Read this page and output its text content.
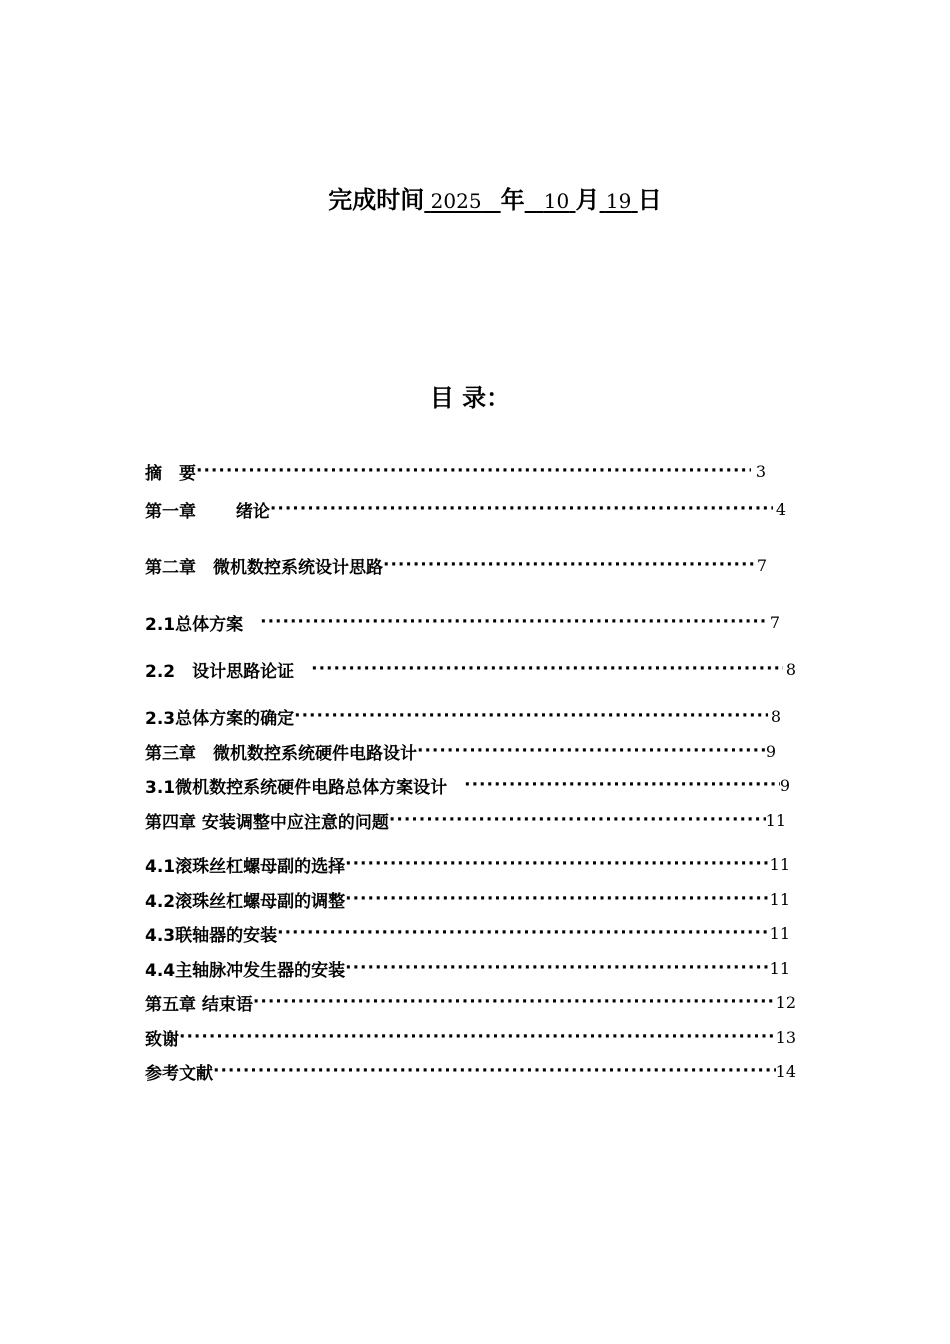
完成时间 2025 年 10 月 19 日
目 录：
摘　要 ·····	3
第一章　　 绪论 ·····	4
第二章　微机数控系统设计思路 ·····	7
2.1总体方案　 ·····	7
2.2　设计思路论证　 ·····	8
2.3总体方案的确定 ·····	8
第三章　微机数控系统硬件电路设计 ·····	9
3.1微机数控系统硬件电路总体方案设计　 ·····	9
第四章 安装调整中应注意的问题 ·····	11
4.1滚珠丝杠螺母副的选择 ·····	11
4.2滚珠丝杠螺母副的调整 ·····	11
4.3联轴器的安装 ·····	11
4.4主轴脉冲发生器的安装 ·····	11
第五章 结束语 ·····	12
致谢 ·····	13
参考文献 ·····	14
